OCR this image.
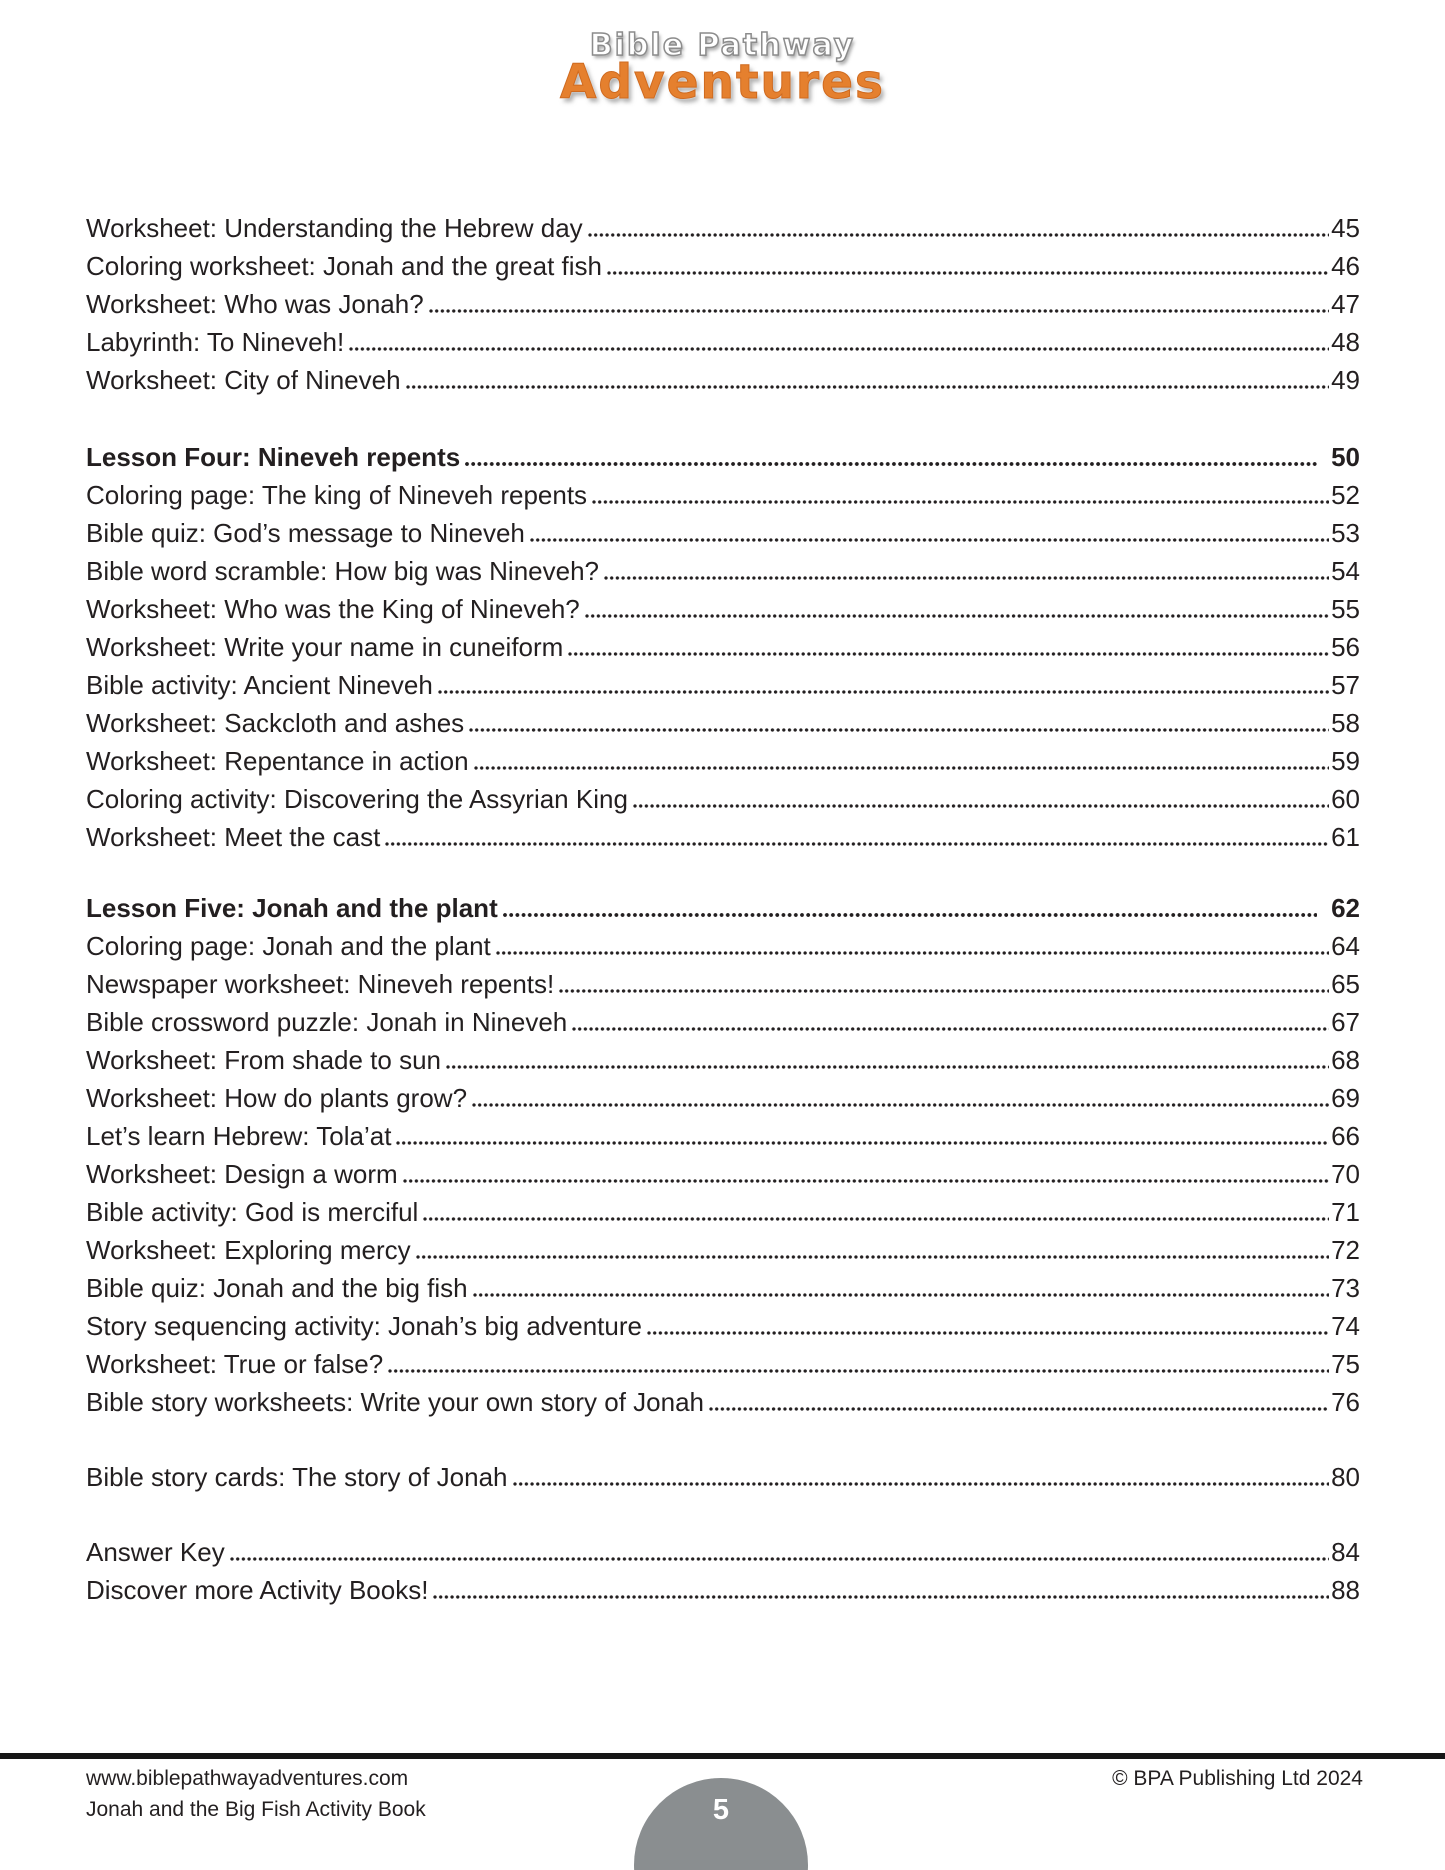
Bible Pathway
Adventures
Worksheet: Understanding the Hebrew day	45
Coloring worksheet: Jonah and the great fish	46
Worksheet: Who was Jonah?	47
Labyrinth: To Nineveh!	48
Worksheet: City of Nineveh	49
Lesson Four: Nineveh repents	50
Coloring page: The king of Nineveh repents	52
Bible quiz: God’s message to Nineveh	53
Bible word scramble: How big was Nineveh?	54
Worksheet: Who was the King of Nineveh?	55
Worksheet: Write your name in cuneiform	56
Bible activity: Ancient Nineveh	57
Worksheet: Sackcloth and ashes	58
Worksheet: Repentance in action	59
Coloring activity: Discovering the Assyrian King	60
Worksheet: Meet the cast	61
Lesson Five: Jonah and the plant	62
Coloring page: Jonah and the plant	64
Newspaper worksheet: Nineveh repents!	65
Bible crossword puzzle: Jonah in Nineveh	67
Worksheet: From shade to sun	68
Worksheet: How do plants grow?	69
Let’s learn Hebrew: Tola’at	66
Worksheet: Design a worm	70
Bible activity: God is merciful	71
Worksheet: Exploring mercy	72
Bible quiz: Jonah and the big fish	73
Story sequencing activity: Jonah’s big adventure	74
Worksheet: True or false?	75
Bible story worksheets: Write your own story of Jonah	76
Bible story cards: The story of Jonah	80
Answer Key	84
Discover more Activity Books!	88
www.biblepathwayadventures.com
Jonah and the Big Fish Activity Book
© BPA Publishing Ltd 2024
5
